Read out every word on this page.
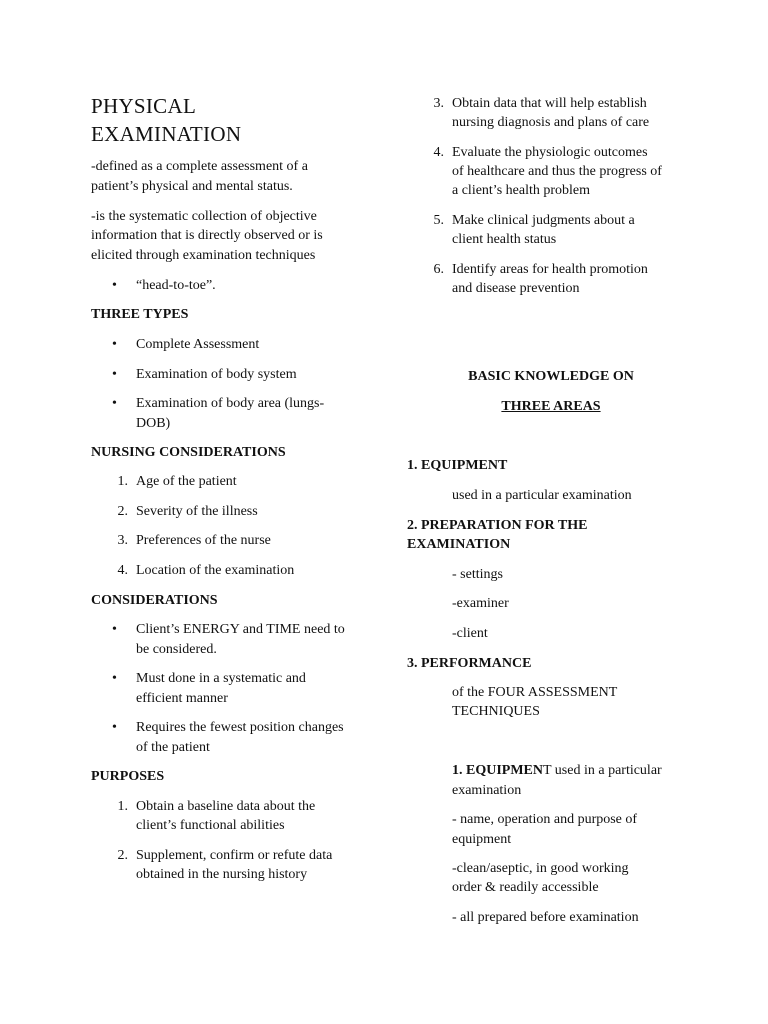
PHYSICAL
EXAMINATION
-defined as a complete assessment of a
patient’s physical and mental status.
-is the systematic collection of objective
information that is directly observed or is
elicited through examination techniques
• “head-to-toe”.
THREE TYPES
• Complete Assessment
• Examination of body system
• Examination of body area (lungs-
DOB)
NURSING CONSIDERATIONS
1. Age of the patient
2. Severity of the illness
3. Preferences of the nurse
4. Location of the examination
CONSIDERATIONS
• Client’s ENERGY and TIME need to
be considered.
• Must done in a systematic and
efficient manner
• Requires the fewest position changes
of the patient
PURPOSES
1. Obtain a baseline data about the
client’s functional abilities
2. Supplement, confirm or refute data
obtained in the nursing history
3. Obtain data that will help establish
nursing diagnosis and plans of care
4. Evaluate the physiologic outcomes
of healthcare and thus the progress of
a client’s health problem
5. Make clinical judgments about a
client health status
6. Identify areas for health promotion
and disease prevention
BASIC KNOWLEDGE ON
THREE AREAS
1. EQUIPMENT
used in a particular examination
2. PREPARATION FOR THE
EXAMINATION
- settings
-examiner
-client
3. PERFORMANCE
of the FOUR ASSESSMENT
TECHNIQUES
1. EQUIPMENT used in a particular
examination
- name, operation and purpose of
equipment
-clean/aseptic, in good working
order & readily accessible
- all prepared before examination
